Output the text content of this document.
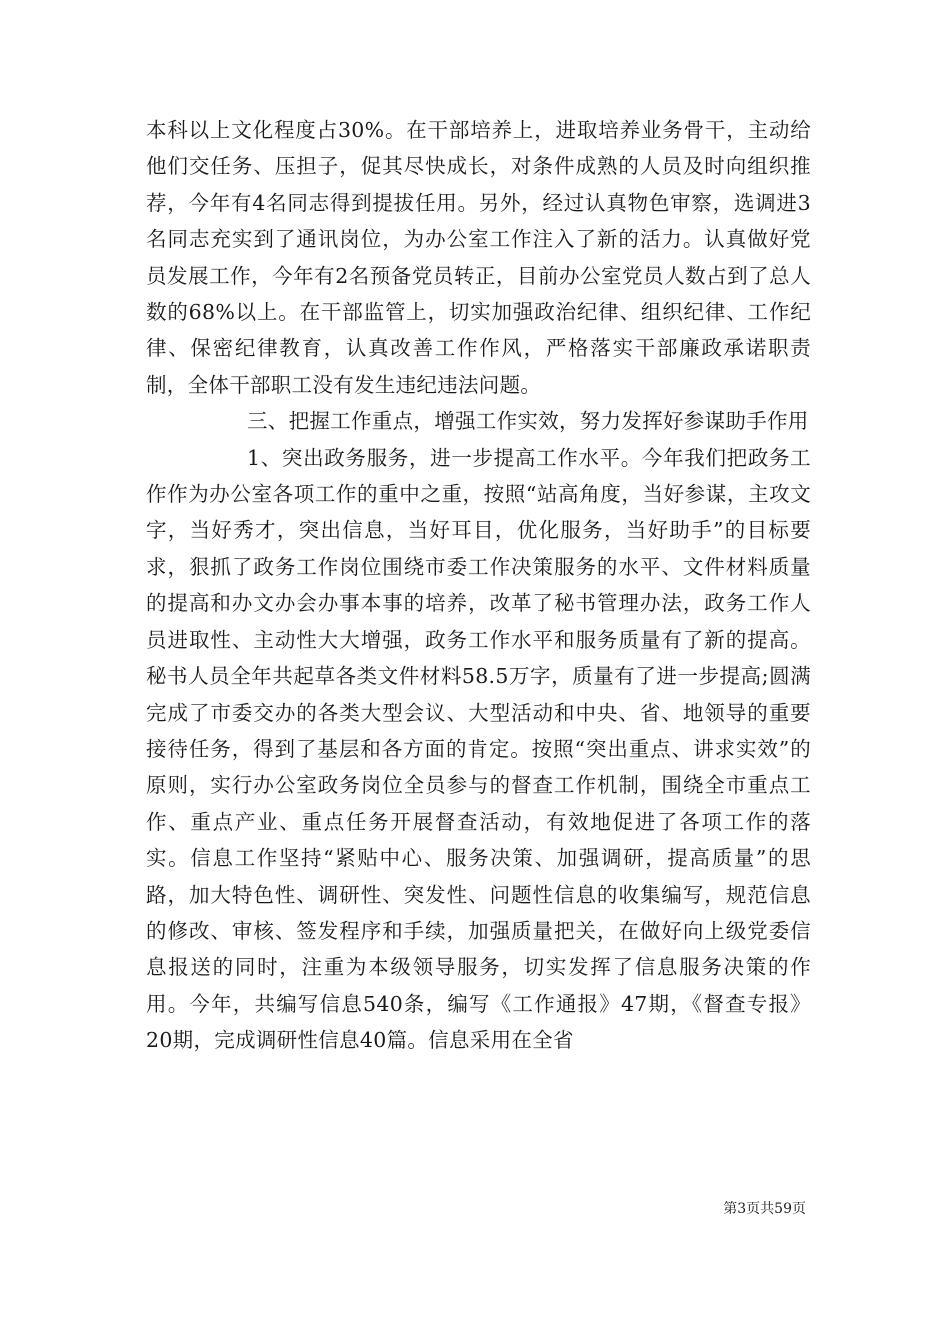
本科以上文化程度占30%。在干部培养上，进取培养业务骨干，主动给他们交任务、压担子，促其尽快成长，对条件成熟的人员及时向组织推荐，今年有4名同志得到提拔任用。另外，经过认真物色审察，选调进3名同志充实到了通讯岗位，为办公室工作注入了新的活力。认真做好党员发展工作，今年有2名预备党员转正，目前办公室党员人数占到了总人数的68%以上。在干部监管上，切实加强政治纪律、组织纪律、工作纪律、保密纪律教育，认真改善工作作风，严格落实干部廉政承诺职责制，全体干部职工没有发生违纪违法问题。

三、把握工作重点，增强工作实效，努力发挥好参谋助手作用

1、突出政务服务，进一步提高工作水平。今年我们把政务工作作为办公室各项工作的重中之重，按照“站高角度，当好参谋，主攻文字，当好秀才，突出信息，当好耳目，优化服务，当好助手”的目标要求，狠抓了政务工作岗位围绕市委工作决策服务的水平、文件材料质量的提高和办文办会办事本事的培养，改革了秘书管理办法，政务工作人员进取性、主动性大大增强，政务工作水平和服务质量有了新的提高。秘书人员全年共起草各类文件材料58.5万字，质量有了进一步提高;圆满完成了市委交办的各类大型会议、大型活动和中央、省、地领导的重要接待任务，得到了基层和各方面的肯定。按照“突出重点、讲求实效”的原则，实行办公室政务岗位全员参与的督查工作机制，围绕全市重点工作、重点产业、重点任务开展督查活动，有效地促进了各项工作的落实。信息工作坚持“紧贴中心、服务决策、加强调研，提高质量”的思路，加大特色性、调研性、突发性、问题性信息的收集编写，规范信息的修改、审核、签发程序和手续，加强质量把关，在做好向上级党委信息报送的同时，注重为本级领导服务，切实发挥了信息服务决策的作用。今年，共编写信息540条，编写《工作通报》47期，《督查专报》20期，完成调研性信息40篇。信息采用在全省

第3页共59页
